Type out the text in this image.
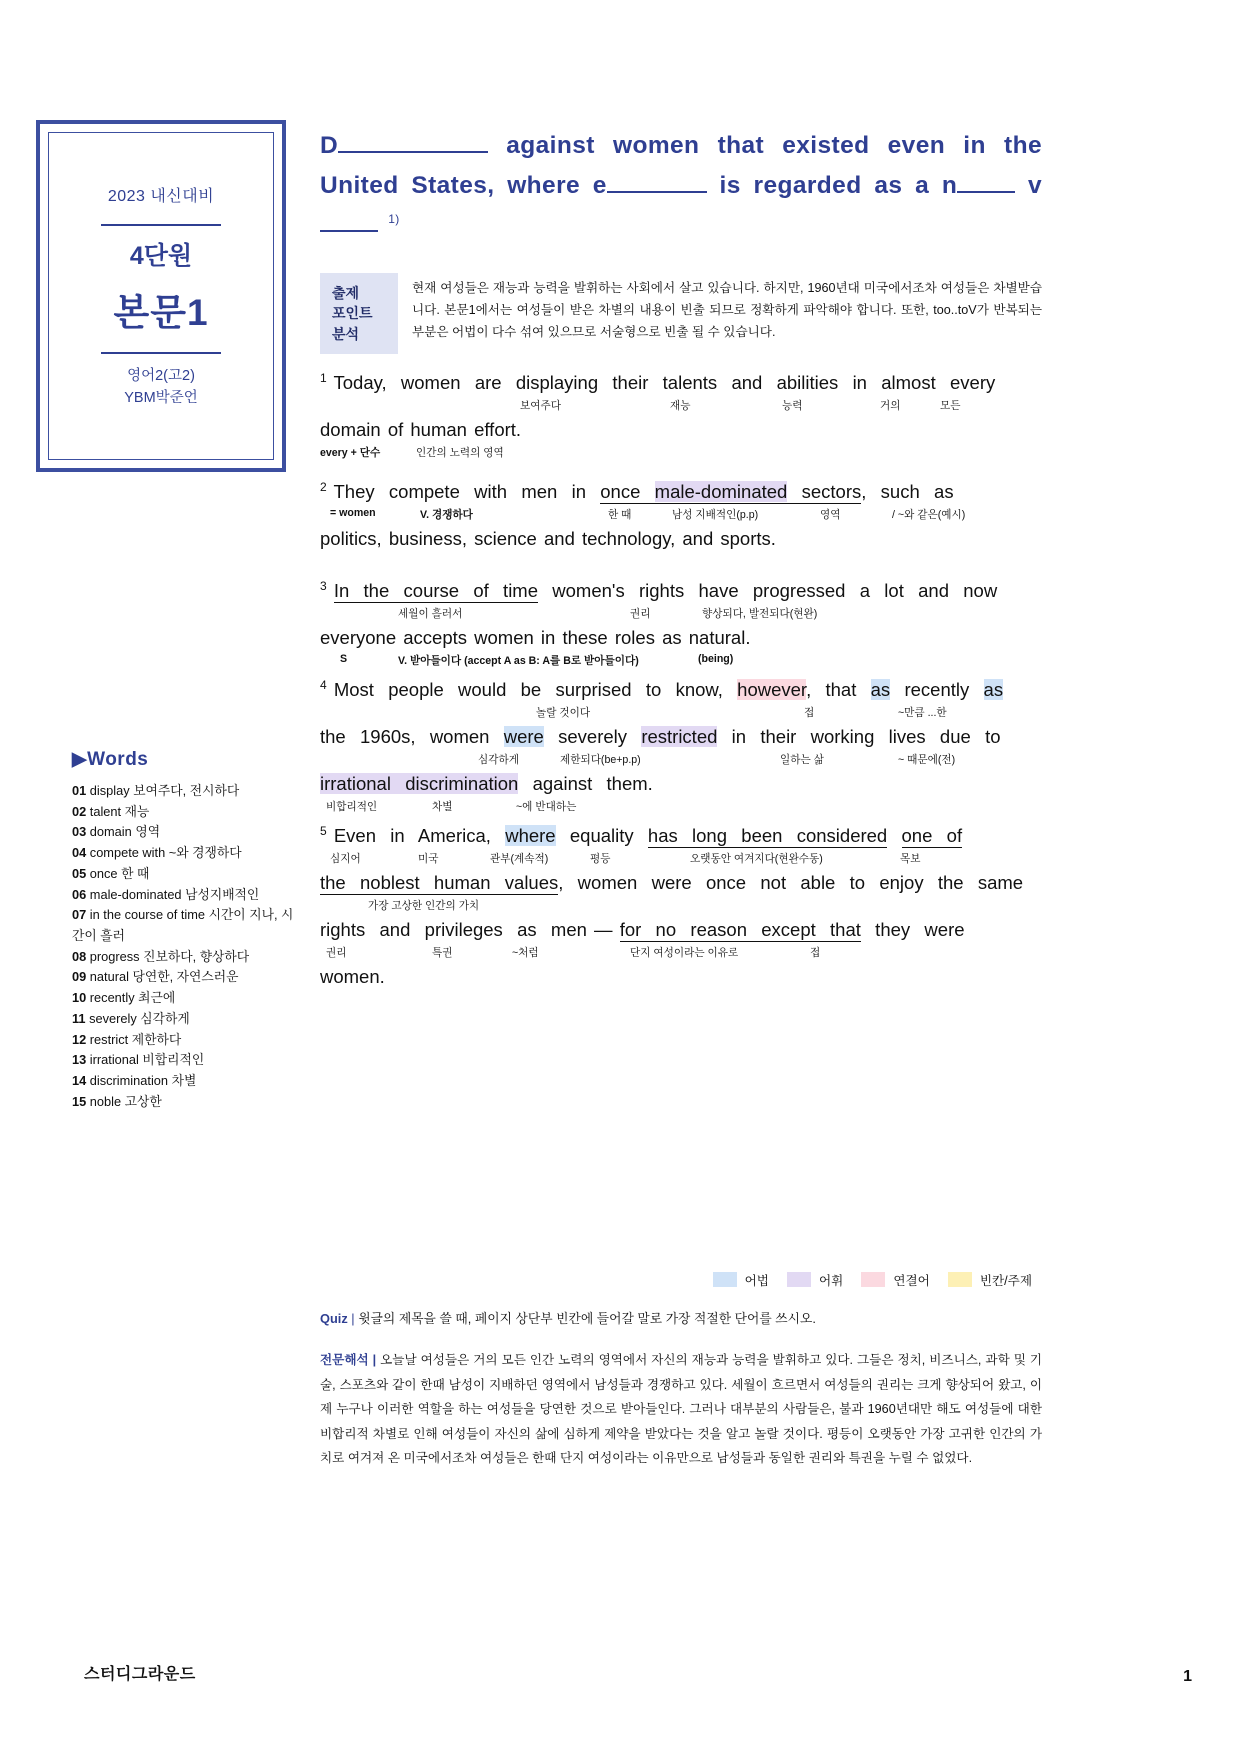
2023 내신대비
4단원
본문1
영어2(고2)
YBM박준언
▶Words
01 display 보여주다, 전시하다
02 talent 재능
03 domain 영역
04 compete with ~와 경쟁하다
05 once 한 때
06 male-dominated 남성지배적인
07 in the course of time 시간이 지나, 시간이 흘러
08 progress 진보하다, 향상하다
09 natural 당연한, 자연스러운
10 recently 최근에
11 severely 심각하게
12 restrict 제한하다
13 irrational 비합리적인
14 discrimination 차별
15 noble 고상한
D	against women that existed even in the United States, where e	is regarded as a n	v $^{1)}$
출제
포인트
분석
현재 여성들은 재능과 능력을 발휘하는 사회에서 살고 있습니다. 하지만, 1960년대 미국에서조차 여성들은 차별받습니다. 본문1에서는 여성들이 받은 차별의 내용이 빈출 되므로 정확하게 파악해야 합니다. 또한, too..toV가 반복되는 부분은 어법이 다수 섞여 있으므로 서술형으로 빈출 될 수 있습니다.
$^1$ Today,  women  are  displaying  their  talents  and  abilities  in  almost  every
보여주다	재능	능력	거의	모든
domain of human effort.
every + 단수	인간의 노력의 영역
$^2$ They  compete  with  men  in  once  male-dominated  sectors,  such  as
= women	V. 경쟁하다	한 때	남성 지배적인(p.p)	영역	/ ~와 같은(예시)
politics, business, science and technology, and sports.
$^3$ In  the  course  of  time  women's  rights  have  progressed  a  lot  and  now
세월이 흘러서	권리	향상되다, 발전되다(현완)
everyone accepts women in these roles as natural.
S	V. 받아들이다 (accept A as B: A를 B로 받아들이다)	(being)
$^4$ Most  people  would  be  surprised  to  know,  however,  that  as  recently  as
놀랄 것이다	접	~만큼 ...한
the  1960s,  women  were  severely  restricted  in  their  working  lives  due  to
심각하게	제한되다(be+p.p)	일하는 삶	~ 때문에(전)
irrational  discrimination  against  them.
비합리적인	차별	~에 반대하는
$^5$ Even  in  America,  where  equality  has  long  been  considered one  of
심지어	미국	관부(계속적)	평등	오랫동안 여겨지다(현완수동)	목보
the  noblest  human  values,  women  were  once  not  able  to  enjoy  the  same
가장 고상한 인간의 가치
rights  and  privileges  as  men — for  no  reason  except  that  they  were
권리	특권	~처럼	단지 여성이라는 이유로	접
women.
어법	어휘	연결어	빈칸/주제
Quiz | 윗글의 제목을 쓸 때, 페이지 상단부 빈칸에 들어갈 말로 가장 적절한 단어를 쓰시오.
전문해석 | 오늘날 여성들은 거의 모든 인간 노력의 영역에서 자신의 재능과 능력을 발휘하고 있다. 그들은 정치, 비즈니스, 과학 및 기술, 스포츠와 같이 한때 남성이 지배하던 영역에서 남성들과 경쟁하고 있다. 세월이 흐르면서 여성들의 권리는 크게 향상되어 왔고, 이제 누구나 이러한 역할을 하는 여성들을 당연한 것으로 받아들인다. 그러나 대부분의 사람들은, 불과 1960년대만 해도 여성들에 대한 비합리적 차별로 인해 여성들이 자신의 삶에 심하게 제약을 받았다는 것을 알고 놀랄 것이다. 평등이 오랫동안 가장 고귀한 인간의 가치로 여겨져 온 미국에서조차 여성들은 한때 단지 여성이라는 이유만으로 남성들과 동일한 권리와 특권을 누릴 수 없었다.
스터디그라운드	1
